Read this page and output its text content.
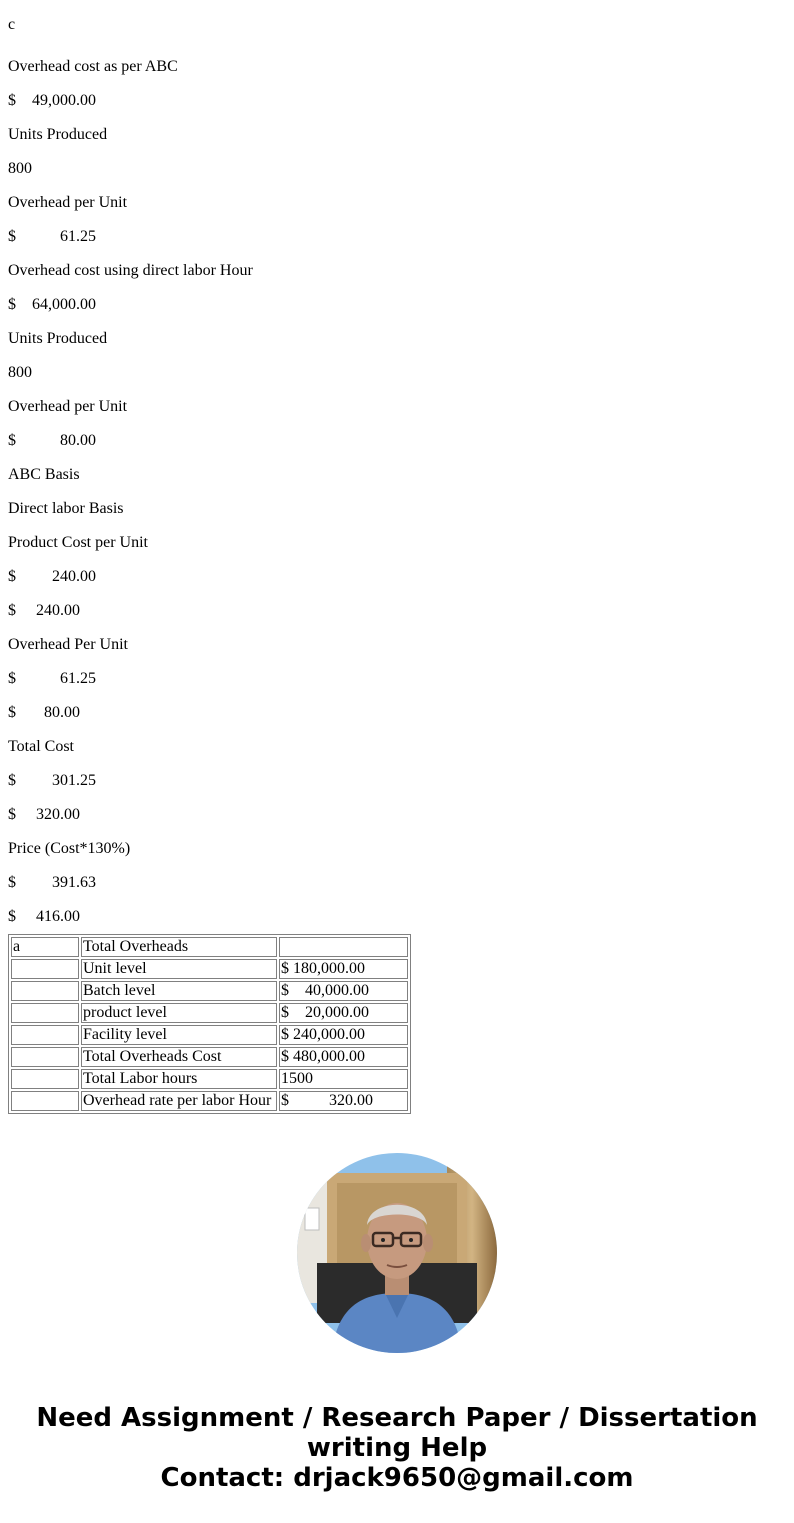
c

Overhead cost as per ABC

$    49,000.00

Units Produced

800

Overhead per Unit

$           61.25

Overhead cost using direct labor Hour

$    64,000.00

Units Produced

800

Overhead per Unit

$           80.00

ABC Basis

Direct labor Basis

Product Cost per Unit

$         240.00

$     240.00

Overhead Per Unit

$           61.25

$       80.00

Total Cost

$         301.25

$     320.00

Price (Cost*130%)

$         391.63

$     416.00

a	Total Overheads	
	Unit level	$ 180,000.00
	Batch level	$    40,000.00
	product level	$    20,000.00
	Facility level	$ 240,000.00
	Total Overheads Cost	$ 480,000.00
	Total Labor hours	1500
	Overhead rate per labor Hour	$          320.00
Need Assignment / Research Paper / Dissertation
writing Help
Contact: drjack9650@gmail.com
